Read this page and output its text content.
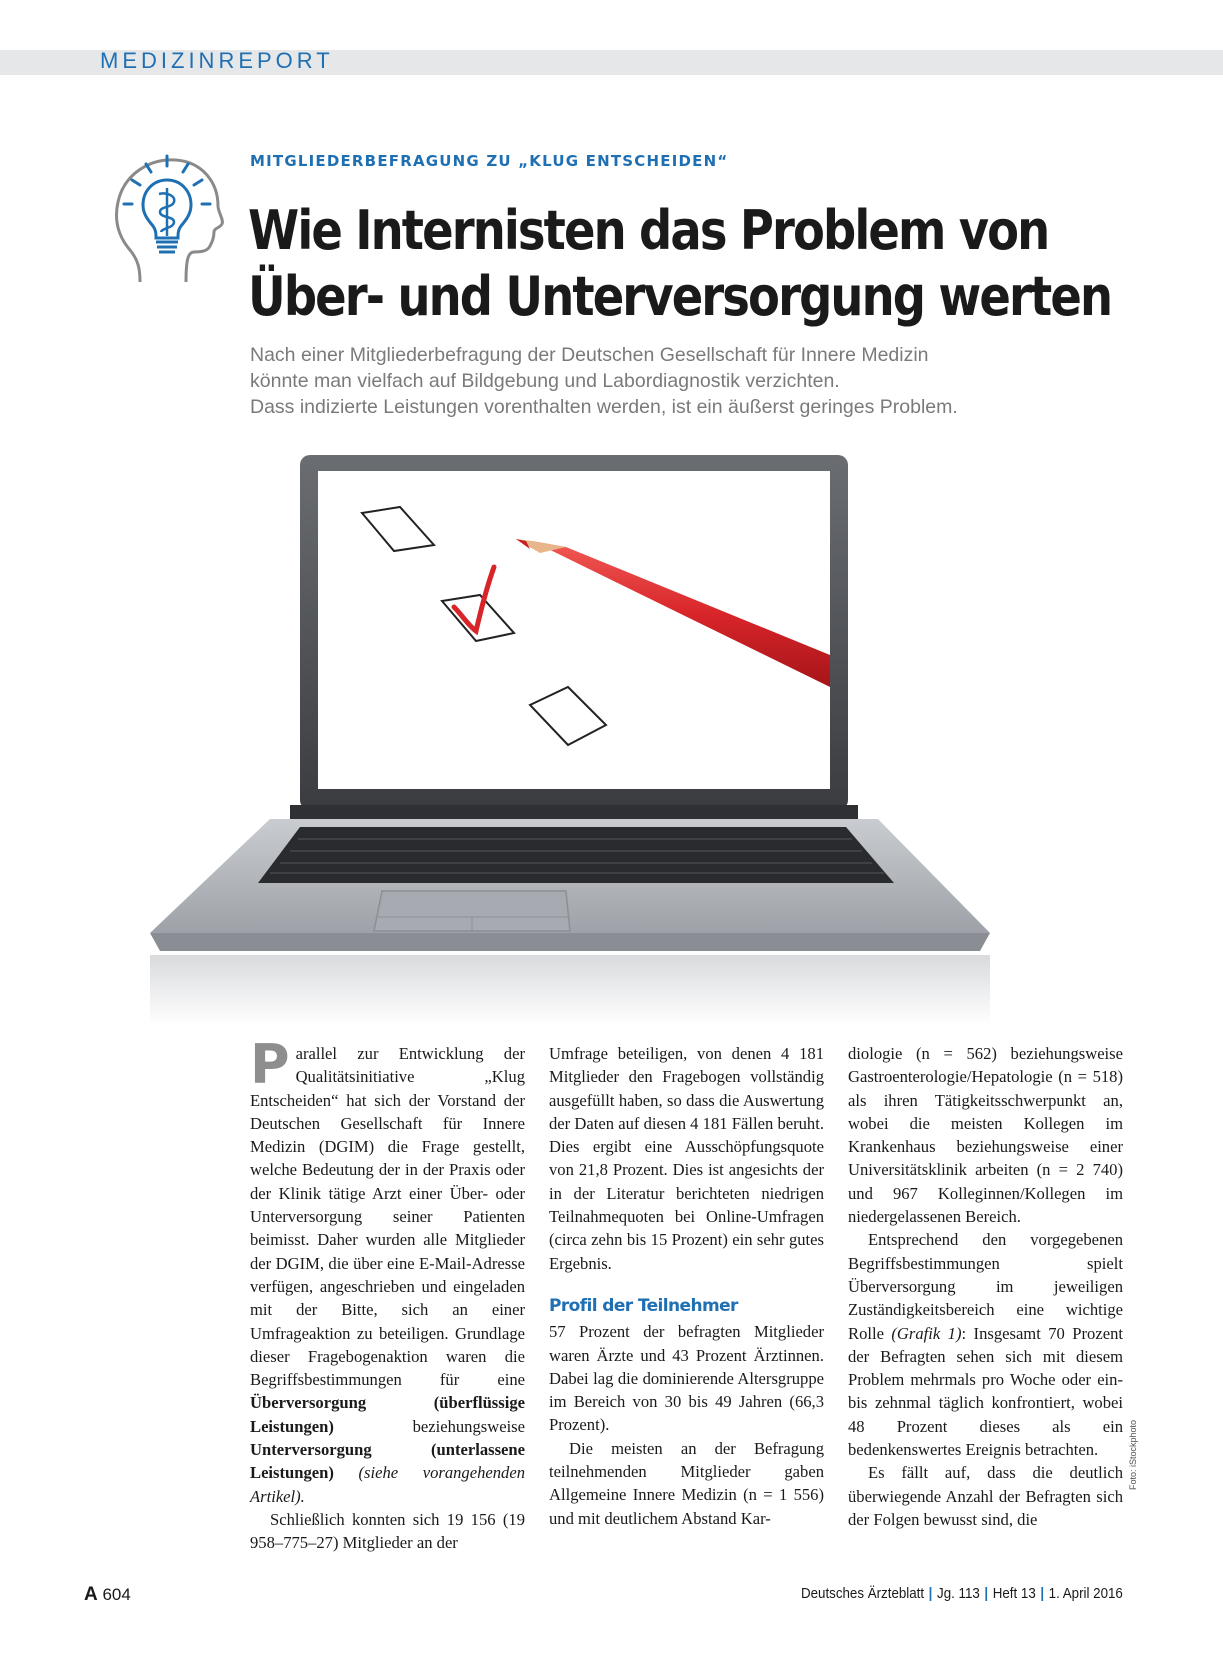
MEDIZINREPORT
MITGLIEDERBEFRAGUNG ZU „KLUG ENTSCHEIDEN“
Wie Internisten das Problem von
Über- und Unterversorgung werten
Nach einer Mitgliederbefragung der Deutschen Gesellschaft für Innere Medizin
könnte man vielfach auf Bildgebung und Labordiagnostik verzichten.
Dass indizierte Leistungen vorenthalten werden, ist ein äußerst geringes Problem.

Parallel zur Entwicklung der Qualitätsinitiative „Klug Entscheiden“ hat sich der Vorstand der Deutschen Gesellschaft für Innere Medizin (DGIM) die Frage gestellt, welche Bedeutung der in der Praxis oder der Klinik tätige Arzt einer Über- oder Unterversorgung seiner Patienten beimisst. Daher wurden alle Mitglieder der DGIM, die über eine E-Mail-Adresse verfügen, angeschrieben und eingeladen mit der Bitte, sich an einer Umfrageaktion zu beteiligen. Grundlage dieser Fragebogenaktion waren die Begriffsbestimmungen für eine Überversorgung (überflüssige Leistungen) beziehungsweise Unterversorgung (unterlassene Leistungen) (siehe vorangehenden Artikel).

Schließlich konnten sich 19 156 (19 958–775–27) Mitglieder an der

Umfrage beteiligen, von denen 4 181 Mitglieder den Fragebogen vollständig ausgefüllt haben, so dass die Auswertung der Daten auf diesen 4 181 Fällen beruht. Dies ergibt eine Ausschöpfungsquote von 21,8 Prozent. Dies ist angesichts der in der Literatur berichteten niedrigen Teilnahmequoten bei Online-Umfragen (circa zehn bis 15 Prozent) ein sehr gutes Ergebnis.

Profil der Teilnehmer

57 Prozent der befragten Mitglieder waren Ärzte und 43 Prozent Ärztinnen. Dabei lag die dominierende Altersgruppe im Bereich von 30 bis 49 Jahren (66,3 Prozent).

Die meisten an der Befragung teilnehmenden Mitglieder gaben Allgemeine Innere Medizin (n = 1 556) und mit deutlichem Abstand Kar-

diologie (n = 562) beziehungsweise Gastroenterologie/Hepatologie (n = 518) als ihren Tätigkeitsschwerpunkt an, wobei die meisten Kollegen im Krankenhaus beziehungsweise einer Universitätsklinik arbeiten (n = 2 740) und 967 Kolleginnen/Kollegen im niedergelassenen Bereich.

Entsprechend den vorgegebenen Begriffsbestimmungen spielt Überversorgung im jeweiligen Zuständigkeitsbereich eine wichtige Rolle (Grafik 1): Insgesamt 70 Prozent der Befragten sehen sich mit diesem Problem mehrmals pro Woche oder ein- bis zehnmal täglich konfrontiert, wobei 48 Prozent dieses als ein bedenkenswertes Ereignis betrachten.

Es fällt auf, dass die deutlich überwiegende Anzahl der Befragten sich der Folgen bewusst sind, die

Foto: iStockphoto
A 604	Deutsches Ärzteblatt | Jg. 113 | Heft 13 | 1. April 2016
